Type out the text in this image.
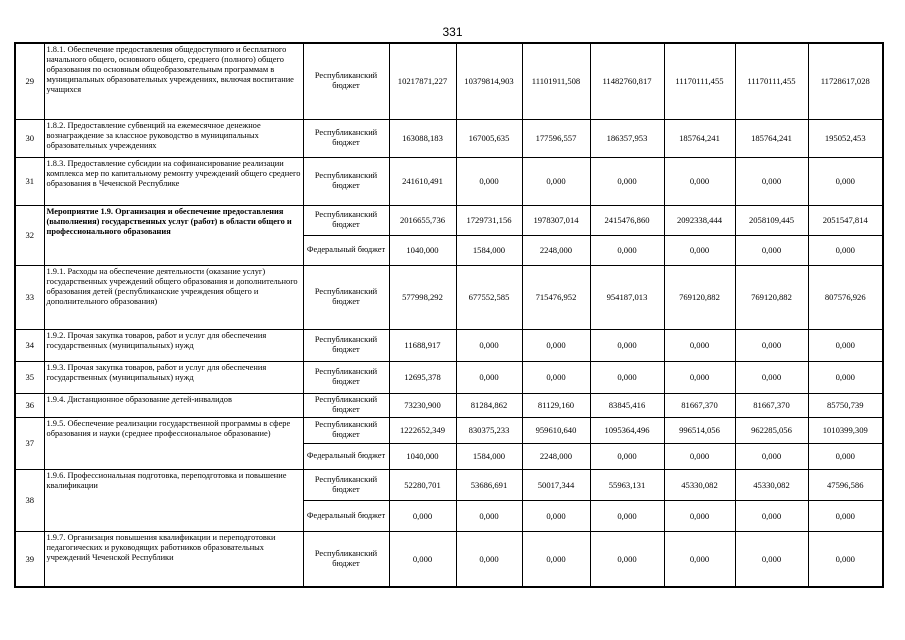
331
29	1.8.1. Обеспечение предоставления общедоступного и бесплатного начального общего, основного общего, среднего (полного) общего образования по основным общеобразовательным программам в муниципальных образовательных учреждениях, включая воспитание учащихся	Республиканский бюджет	10217871,227	10379814,903	11101911,508	11482760,817	11170111,455	11170111,455	11728617,028
30	1.8.2. Предоставление субвенций на ежемесячное денежное вознаграждение за классное руководство в муниципальных образовательных учреждениях	Республиканский бюджет	163088,183	167005,635	177596,557	186357,953	185764,241	185764,241	195052,453
31	1.8.3. Предоставление субсидии на софинансирование реализации комплекса мер по капитальному ремонту учреждений общего среднего образования в Чеченской Республике	Республиканский бюджет	241610,491	0,000	0,000	0,000	0,000	0,000	0,000
32	Мероприятие 1.9. Организация и обеспечение предоставления (выполнения) государственных услуг (работ) в области общего и профессионального образования	Республиканский бюджет	2016655,736	1729731,156	1978307,014	2415476,860	2092338,444	2058109,445	2051547,814
		Федеральный бюджет	1040,000	1584,000	2248,000	0,000	0,000	0,000	0,000
33	1.9.1. Расходы на обеспечение деятельности (оказание услуг) государственных учреждений общего образования и дополнительного образования детей (республиканские учреждения общего и дополнительного образования)	Республиканский бюджет	577998,292	677552,585	715476,952	954187,013	769120,882	769120,882	807576,926
34	1.9.2. Прочая закупка товаров, работ и услуг для обеспечения государственных (муниципальных) нужд	Республиканский бюджет	11688,917	0,000	0,000	0,000	0,000	0,000	0,000
35	1.9.3. Прочая закупка товаров, работ и услуг для обеспечения государственных (муниципальных) нужд	Республиканский бюджет	12695,378	0,000	0,000	0,000	0,000	0,000	0,000
36	1.9.4. Дистанционное образование детей-инвалидов	Республиканский бюджет	73230,900	81284,862	81129,160	83845,416	81667,370	81667,370	85750,739
37	1.9.5. Обеспечение реализации государственной программы в сфере образования и науки (среднее профессиональное образование)	Республиканский бюджет	1222652,349	830375,233	959610,640	1095364,496	996514,056	962285,056	1010399,309
		Федеральный бюджет	1040,000	1584,000	2248,000	0,000	0,000	0,000	0,000
38	1.9.6. Профессиональная подготовка, переподготовка и повышение квалификации	Республиканский бюджет	52280,701	53686,691	50017,344	55963,131	45330,082	45330,082	47596,586
		Федеральный бюджет	0,000	0,000	0,000	0,000	0,000	0,000	0,000
39	1.9.7. Организация повышения квалификации и переподготовки педагогических и руководящих работников образовательных учреждений Чеченской Республики	Республиканский бюджет	0,000	0,000	0,000	0,000	0,000	0,000	0,000
